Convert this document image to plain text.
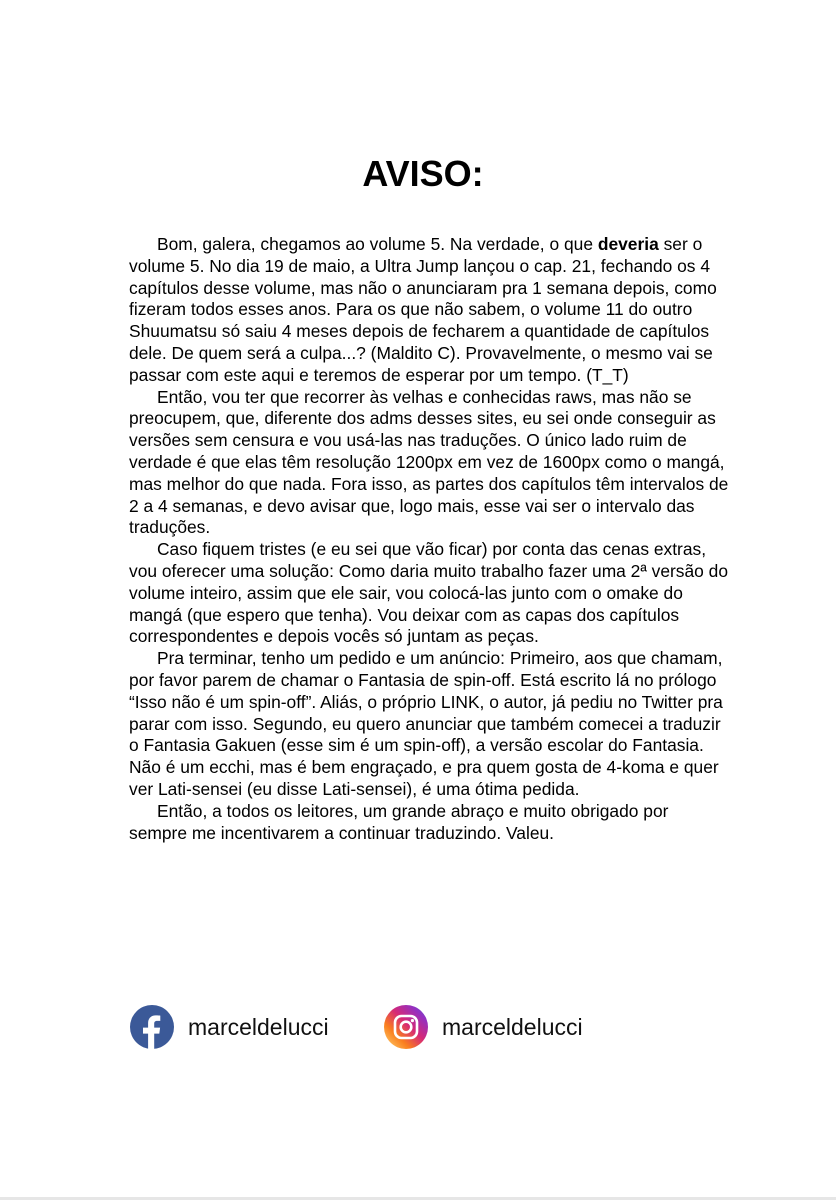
AVISO:

Bom, galera, chegamos ao volume 5. Na verdade, o que deveria ser o volume 5. No dia 19 de maio, a Ultra Jump lançou o cap. 21, fechando os 4 capítulos desse volume, mas não o anunciaram pra 1 semana depois, como fizeram todos esses anos. Para os que não sabem, o volume 11 do outro Shuumatsu só saiu 4 meses depois de fecharem a quantidade de capítulos dele. De quem será a culpa...? (Maldito C). Provavelmente, o mesmo vai se passar com este aqui e teremos de esperar por um tempo. (T_T)

Então, vou ter que recorrer às velhas e conhecidas raws, mas não se preocupem, que, diferente dos adms desses sites, eu sei onde conseguir as versões sem censura e vou usá-las nas traduções. O único lado ruim de verdade é que elas têm resolução 1200px em vez de 1600px como o mangá, mas melhor do que nada. Fora isso, as partes dos capítulos têm intervalos de 2 a 4 semanas, e devo avisar que, logo mais, esse vai ser o intervalo das traduções.

Caso fiquem tristes (e eu sei que vão ficar) por conta das cenas extras, vou oferecer uma solução: Como daria muito trabalho fazer uma 2ª versão do volume inteiro, assim que ele sair, vou colocá-las junto com o omake do mangá (que espero que tenha). Vou deixar com as capas dos capítulos correspondentes e depois vocês só juntam as peças.

Pra terminar, tenho um pedido e um anúncio: Primeiro, aos que chamam, por favor parem de chamar o Fantasia de spin-off. Está escrito lá no prólogo “Isso não é um spin-off”. Aliás, o próprio LINK, o autor, já pediu no Twitter pra parar com isso. Segundo, eu quero anunciar que também comecei a traduzir o Fantasia Gakuen (esse sim é um spin-off), a versão escolar do Fantasia. Não é um ecchi, mas é bem engraçado, e pra quem gosta de 4-koma e quer ver Lati-sensei (eu disse Lati-sensei), é uma ótima pedida.

Então, a todos os leitores, um grande abraço e muito obrigado por sempre me incentivarem a continuar traduzindo. Valeu.

marceldelucci	marceldelucci
